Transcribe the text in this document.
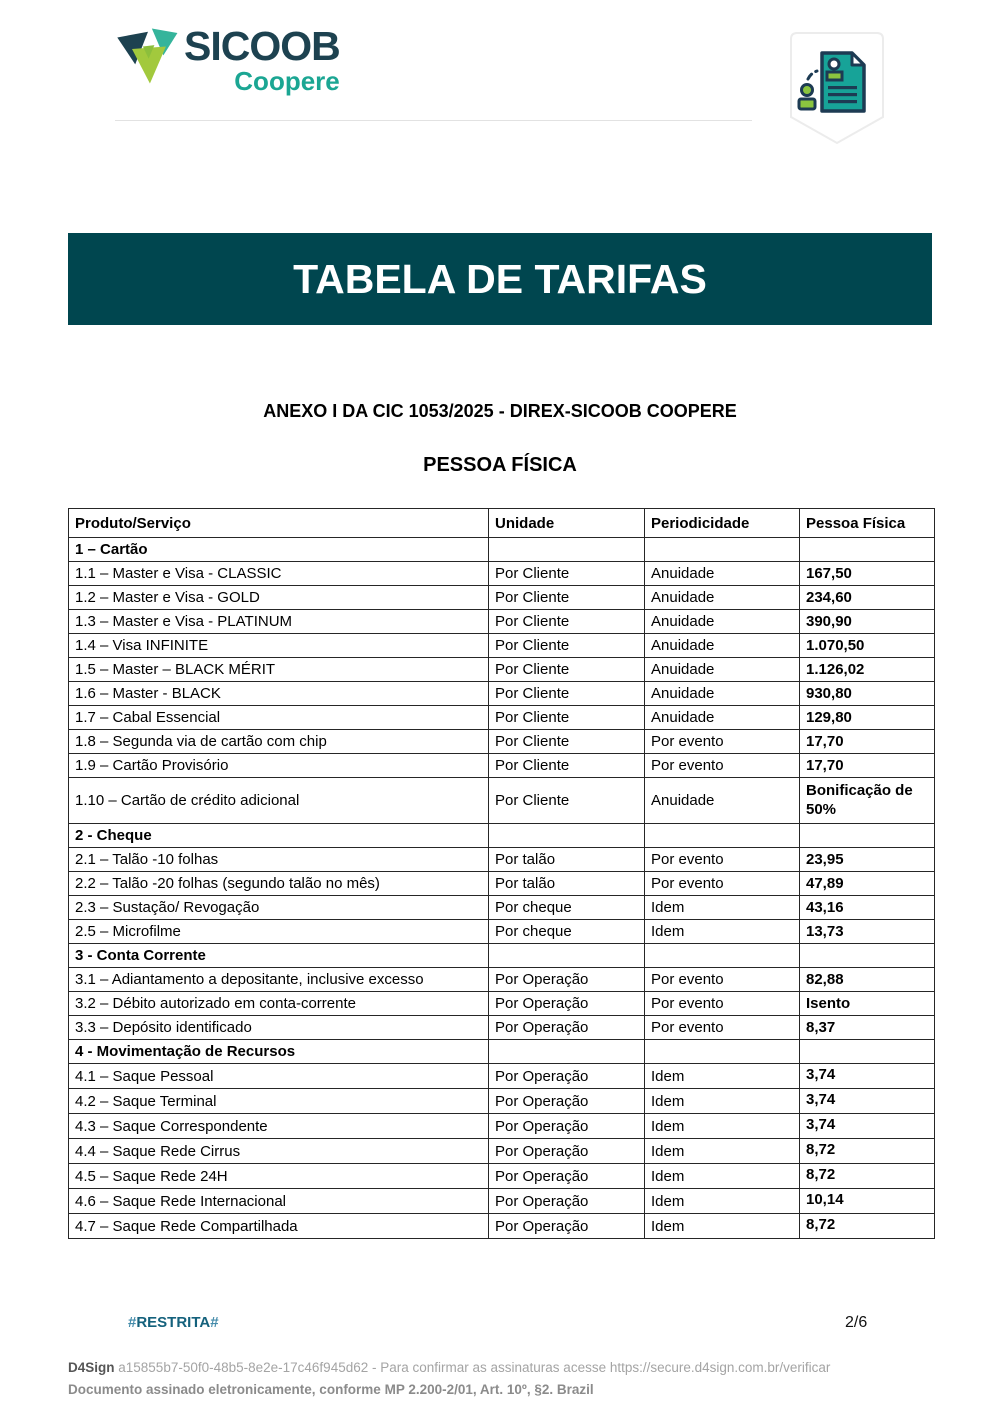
SICOOB
Coopere
TABELA DE TARIFAS
ANEXO I DA CIC 1053/2025 - DIREX-SICOOB COOPERE
PESSOA FÍSICA
Produto/Serviço	Unidade	Periodicidade	Pessoa Física
1 – Cartão			
1.1 – Master e Visa - CLASSIC	Por Cliente	Anuidade	167,50
1.2 – Master e Visa - GOLD	Por Cliente	Anuidade	234,60
1.3 – Master e Visa - PLATINUM	Por Cliente	Anuidade	390,90
1.4 – Visa INFINITE	Por Cliente	Anuidade	1.070,50
1.5 – Master – BLACK MÉRIT	Por Cliente	Anuidade	1.126,02
1.6 – Master - BLACK	Por Cliente	Anuidade	930,80
1.7 – Cabal Essencial	Por Cliente	Anuidade	129,80
1.8 – Segunda via de cartão com chip	Por Cliente	Por evento	17,70
1.9 – Cartão Provisório	Por Cliente	Por evento	17,70
1.10 – Cartão de crédito adicional	Por Cliente	Anuidade	Bonificação de 50%

2 - Cheque			
2.1 – Talão -10 folhas	Por talão	Por evento	23,95
2.2 – Talão -20 folhas (segundo talão no mês)	Por talão	Por evento	47,89
2.3 – Sustação/ Revogação	Por cheque	Idem	43,16
2.5 – Microfilme	Por cheque	Idem	13,73
3 - Conta Corrente			
3.1 – Adiantamento a depositante, inclusive excesso	Por Operação	Por evento	82,88
3.2 – Débito autorizado em conta-corrente	Por Operação	Por evento	Isento
3.3 – Depósito identificado	Por Operação	Por evento	8,37
4 - Movimentação de Recursos			
4.1 – Saque Pessoal	Por Operação	Idem	3,74
4.2 – Saque Terminal	Por Operação	Idem	3,74
4.3 – Saque Correspondente	Por Operação	Idem	3,74
4.4 – Saque Rede Cirrus	Por Operação	Idem	8,72
4.5 – Saque Rede 24H	Por Operação	Idem	8,72
4.6 – Saque Rede Internacional	Por Operação	Idem	10,14
4.7 – Saque Rede Compartilhada	Por Operação	Idem	8,72
#RESTRITA#	2/6
D4Sign a15855b7-50f0-48b5-8e2e-17c46f945d62 - Para confirmar as assinaturas acesse https://secure.d4sign.com.br/verificar
Documento assinado eletronicamente, conforme MP 2.200-2/01, Art. 10º, §2. Brazil
